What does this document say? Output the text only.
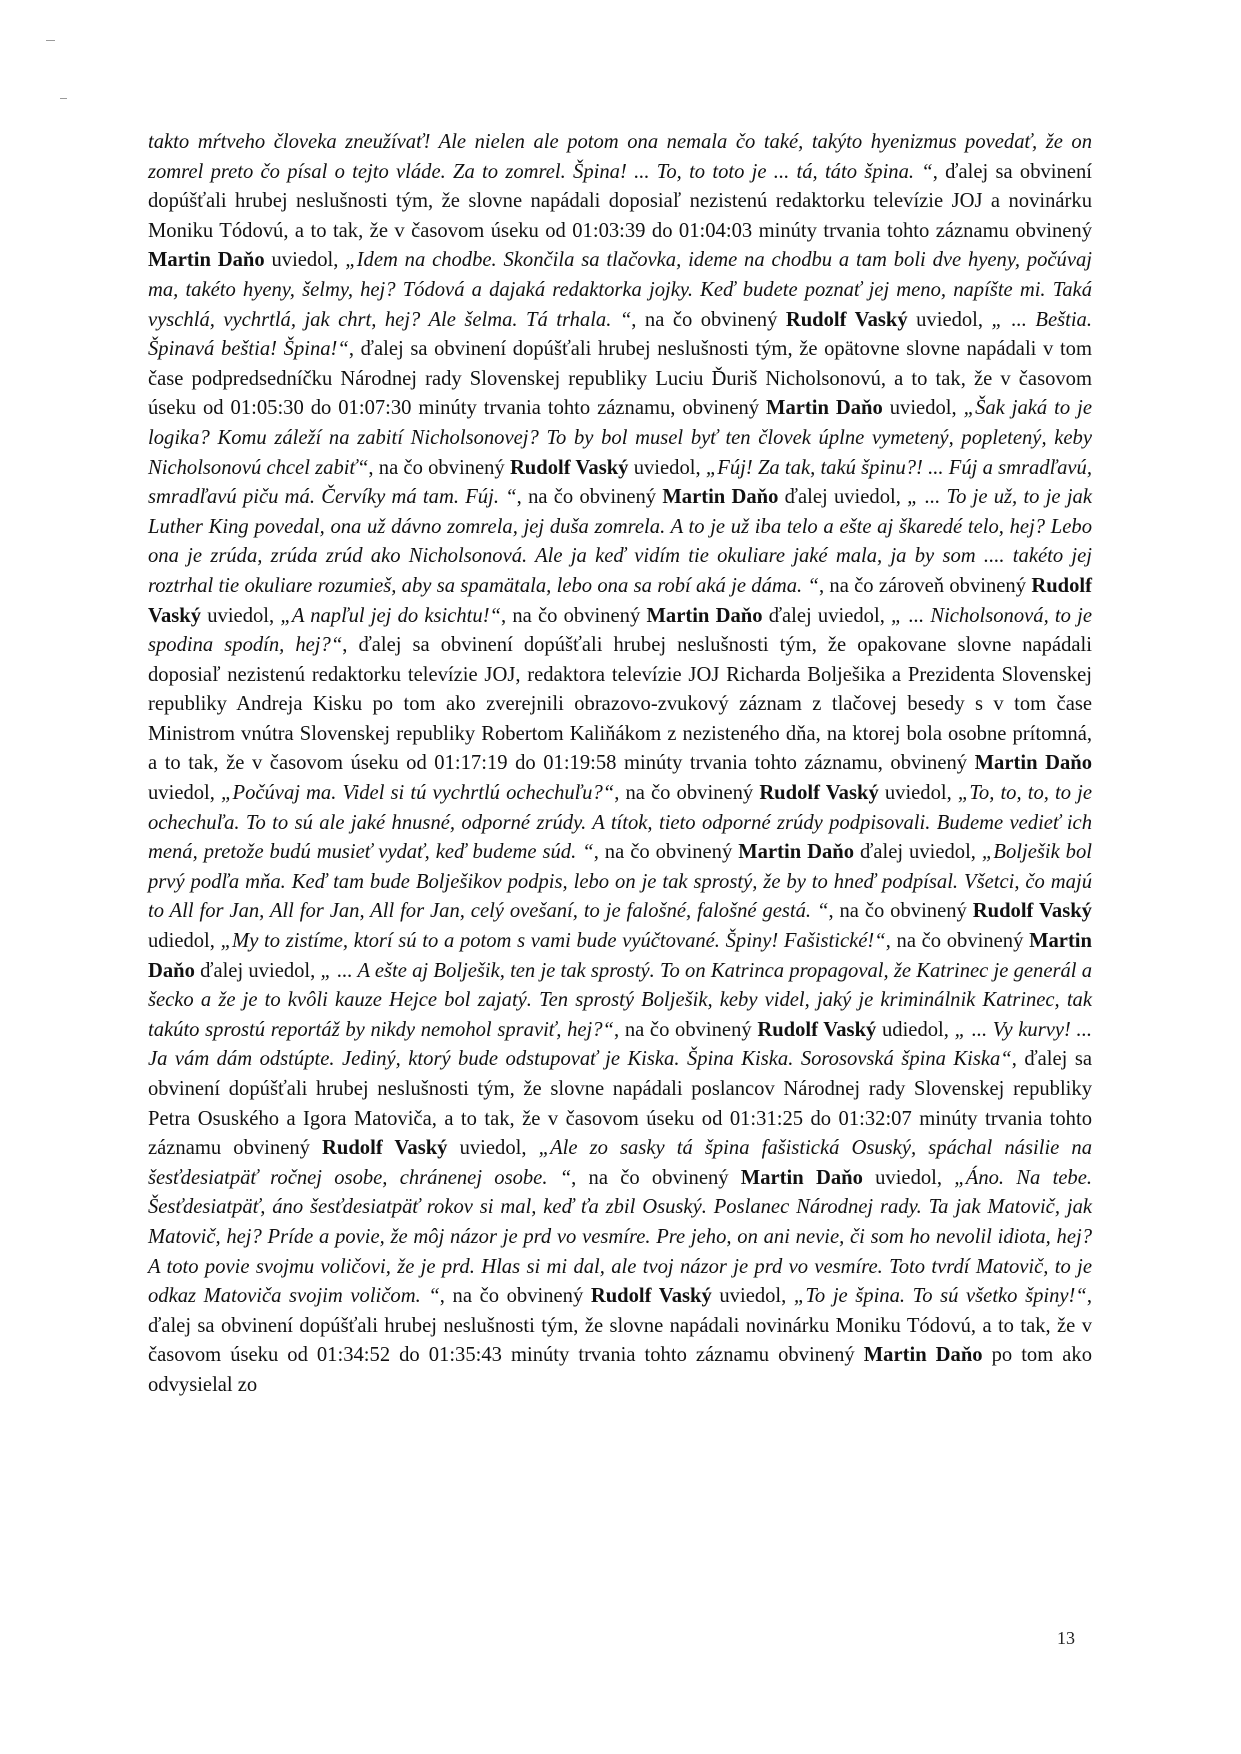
takto mŕtveho človeka zneužívať! Ale nielen ale potom ona nemala čo také, takýto hyenizmus povedať, že on zomrel preto čo písal o tejto vláde. Za to zomrel. Špina! ... To, to toto je ... tá, táto špina. “, ďalej sa obvinení dopúšťali hrubej neslušnosti tým, že slovne napádali doposiaľ nezistenú redaktorku televízie JOJ a novinárku Moniku Tódovú, a to tak, že v časovom úseku od 01:03:39 do 01:04:03 minúty trvania tohto záznamu obvinený Martin Daňo uviedol, „Idem na chodbe. Skončila sa tlačovka, ideme na chodbu a tam boli dve hyeny, počúvaj ma, takéto hyeny, šelmy, hej? Tódová a dajaká redaktorka jojky. Keď budete poznať jej meno, napíšte mi. Taká vyschlá, vychrtlá, jak chrt, hej? Ale šelma. Tá trhala. “, na čo obvinený Rudolf Vaský uviedol, „ ... Beštia. Špinavá beštia! Špina!“, ďalej sa obvinení dopúšťali hrubej neslušnosti tým, že opätovne slovne napádali v tom čase podpredsedníčku Národnej rady Slovenskej republiky Luciu Ďuriš Nicholsonovú, a to tak, že v časovom úseku od 01:05:30 do 01:07:30 minúty trvania tohto záznamu, obvinený Martin Daňo uviedol, „Šak jaká to je logika? Komu záleží na zabití Nicholsonovej? To by bol musel byť ten človek úplne vymetený, popletený, keby Nicholsonovú chcel zabiť“, na čo obvinený Rudolf Vaský uviedol, „Fúj! Za tak, takú špinu?! ... Fúj a smradľavú, smradľavú piču má. Červíky má tam. Fúj. “, na čo obvinený Martin Daňo ďalej uviedol, „ ... To je už, to je jak Luther King povedal, ona už dávno zomrela, jej duša zomrela. A to je už iba telo a ešte aj škaredé telo, hej? Lebo ona je zrúda, zrúda zrúd ako Nicholsonová. Ale ja keď vidím tie okuliare jaké mala, ja by som .... takéto jej roztrhal tie okuliare rozumieš, aby sa spamätala, lebo ona sa robí aká je dáma. “, na čo zároveň obvinený Rudolf Vaský uviedol, „A napľul jej do ksichtu!“, na čo obvinený Martin Daňo ďalej uviedol, „ ... Nicholsonová, to je spodina spodín, hej?“, ďalej sa obvinení dopúšťali hrubej neslušnosti tým, že opakovane slovne napádali doposiaľ nezistenú redaktorku televízie JOJ, redaktora televízie JOJ Richarda Bolješika a Prezidenta Slovenskej republiky Andreja Kisku po tom ako zverejnili obrazovo-zvukový záznam z tlačovej besedy s v tom čase Ministrom vnútra Slovenskej republiky Robertom Kaliňákom z nezisteného dňa, na ktorej bola osobne prítomná, a to tak, že v časovom úseku od 01:17:19 do 01:19:58 minúty trvania tohto záznamu, obvinený Martin Daňo uviedol, „Počúvaj ma. Videl si tú vychrtlú ochechuľu?“, na čo obvinený Rudolf Vaský uviedol, „To, to, to, to je ochechuľa. To to sú ale jaké hnusné, odporné zrúdy. A títok, tieto odporné zrúdy podpisovali. Budeme vedieť ich mená, pretože budú musieť vydať, keď budeme súd. “, na čo obvinený Martin Daňo ďalej uviedol, „Bolješik bol prvý podľa mňa. Keď tam bude Bolješikov podpis, lebo on je tak sprostý, že by to hneď podpísal. Všetci, čo majú to All for Jan, All for Jan, All for Jan, celý ovešaní, to je falošné, falošné gestá. “, na čo obvinený Rudolf Vaský udiedol, „My to zistíme, ktorí sú to a potom s vami bude vyúčtované. Špiny! Fašistické!“, na čo obvinený Martin Daňo ďalej uviedol, „ ... A ešte aj Bolješik, ten je tak sprostý. To on Katrinca propagoval, že Katrinec je generál a šecko a že je to kvôli kauze Hejce bol zajatý. Ten sprostý Bolješik, keby videl, jaký je kriminálnik Katrinec, tak takúto sprostú reportáž by nikdy nemohol spraviť, hej?“, na čo obvinený Rudolf Vaský udiedol, „ ... Vy kurvy! ... Ja vám dám odstúpte. Jediný, ktorý bude odstupovať je Kiska. Špina Kiska. Sorosovská špina Kiska“, ďalej sa obvinení dopúšťali hrubej neslušnosti tým, že slovne napádali poslancov Národnej rady Slovenskej republiky Petra Osuského a Igora Matoviča, a to tak, že v časovom úseku od 01:31:25 do 01:32:07 minúty trvania tohto záznamu obvinený Rudolf Vaský uviedol, „Ale zo sasky tá špina fašistická Osuský, spáchal násilie na šesťdesiatpäť ročnej osobe, chránenej osobe. “, na čo obvinený Martin Daňo uviedol, „Áno. Na tebe. Šesťdesiatpäť, áno šesťdesiatpäť rokov si mal, keď ťa zbil Osuský. Poslanec Národnej rady. Ta jak Matovič, jak Matovič, hej? Príde a povie, že môj názor je prd vo vesmíre. Pre jeho, on ani nevie, či som ho nevolil idiota, hej? A toto povie svojmu voličovi, že je prd. Hlas si mi dal, ale tvoj názor je prd vo vesmíre. Toto tvrdí Matovič, to je odkaz Matoviča svojim voličom. “, na čo obvinený Rudolf Vaský uviedol, „To je špina. To sú všetko špiny!“, ďalej sa obvinení dopúšťali hrubej neslušnosti tým, že slovne napádali novinárku Moniku Tódovú, a to tak, že v časovom úseku od 01:34:52 do 01:35:43 minúty trvania tohto záznamu obvinený Martin Daňo po tom ako odvysielal zo

13
